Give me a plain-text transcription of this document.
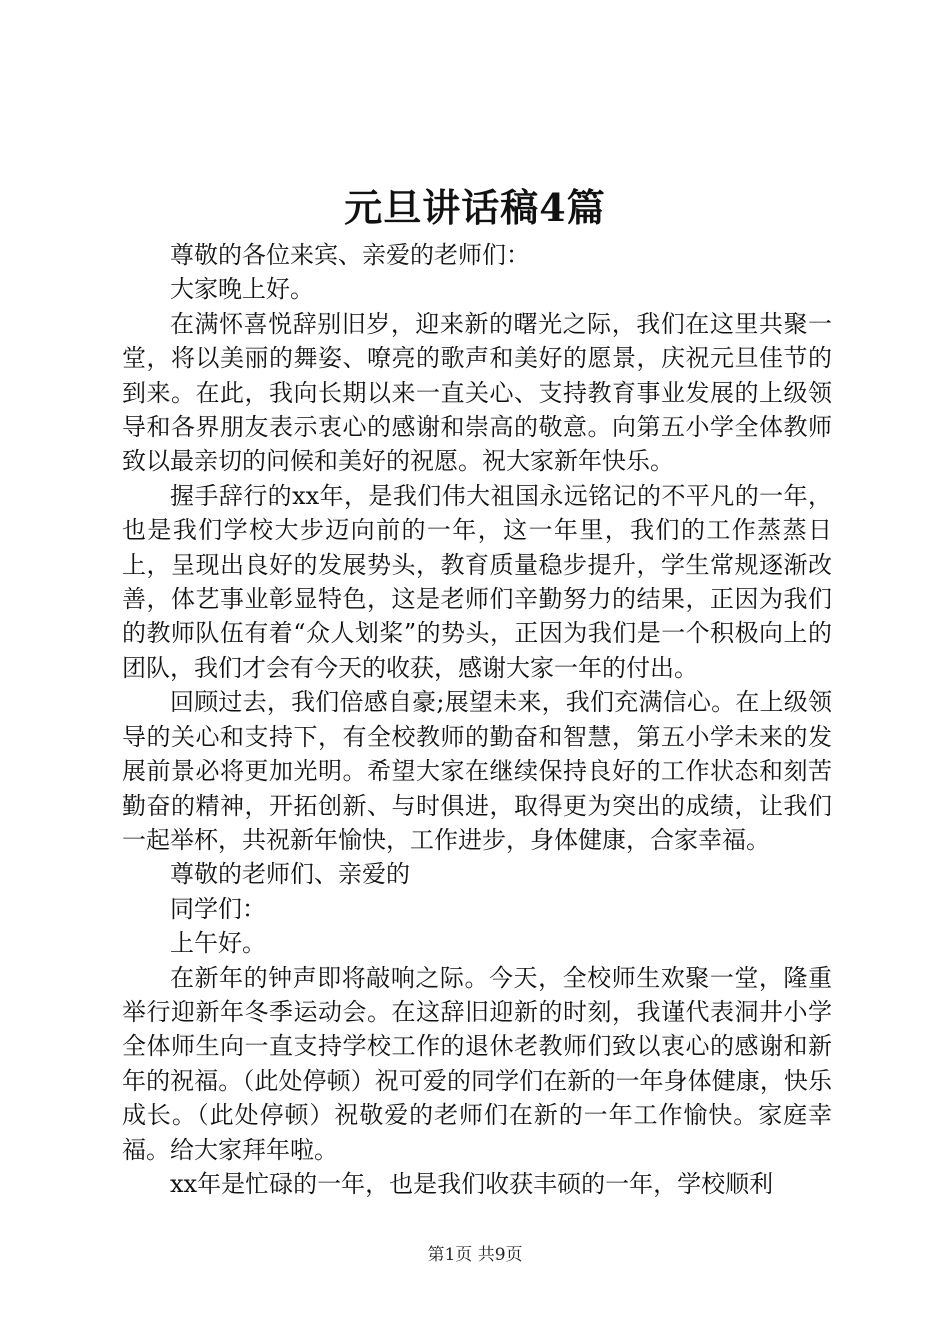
元旦讲话稿4篇

尊敬的各位来宾、亲爱的老师们：

大家晚上好。

在满怀喜悦辞别旧岁，迎来新的曙光之际，我们在这里共聚一堂，将以美丽的舞姿、嘹亮的歌声和美好的愿景，庆祝元旦佳节的到来。在此，我向长期以来一直关心、支持教育事业发展的上级领导和各界朋友表示衷心的感谢和崇高的敬意。向第五小学全体教师致以最亲切的问候和美好的祝愿。祝大家新年快乐。

握手辞行的xx年，是我们伟大祖国永远铭记的不平凡的一年，也是我们学校大步迈向前的一年，这一年里，我们的工作蒸蒸日上，呈现出良好的发展势头，教育质量稳步提升，学生常规逐渐改善，体艺事业彰显特色，这是老师们辛勤努力的结果，正因为我们的教师队伍有着“众人划桨”的势头，正因为我们是一个积极向上的团队，我们才会有今天的收获，感谢大家一年的付出。

回顾过去，我们倍感自豪;展望未来，我们充满信心。在上级领导的关心和支持下，有全校教师的勤奋和智慧，第五小学未来的发展前景必将更加光明。希望大家在继续保持良好的工作状态和刻苦勤奋的精神，开拓创新、与时俱进，取得更为突出的成绩，让我们一起举杯，共祝新年愉快，工作进步，身体健康，合家幸福。

尊敬的老师们、亲爱的

同学们：

上午好。

在新年的钟声即将敲响之际。今天，全校师生欢聚一堂，隆重举行迎新年冬季运动会。在这辞旧迎新的时刻，我谨代表洞井小学全体师生向一直支持学校工作的退休老教师们致以衷心的感谢和新年的祝福。（此处停顿）祝可爱的同学们在新的一年身体健康，快乐成长。（此处停顿）祝敬爱的老师们在新的一年工作愉快。家庭幸福。给大家拜年啦。

xx年是忙碌的一年，也是我们收获丰硕的一年，学校顺利

第1页 共9页
